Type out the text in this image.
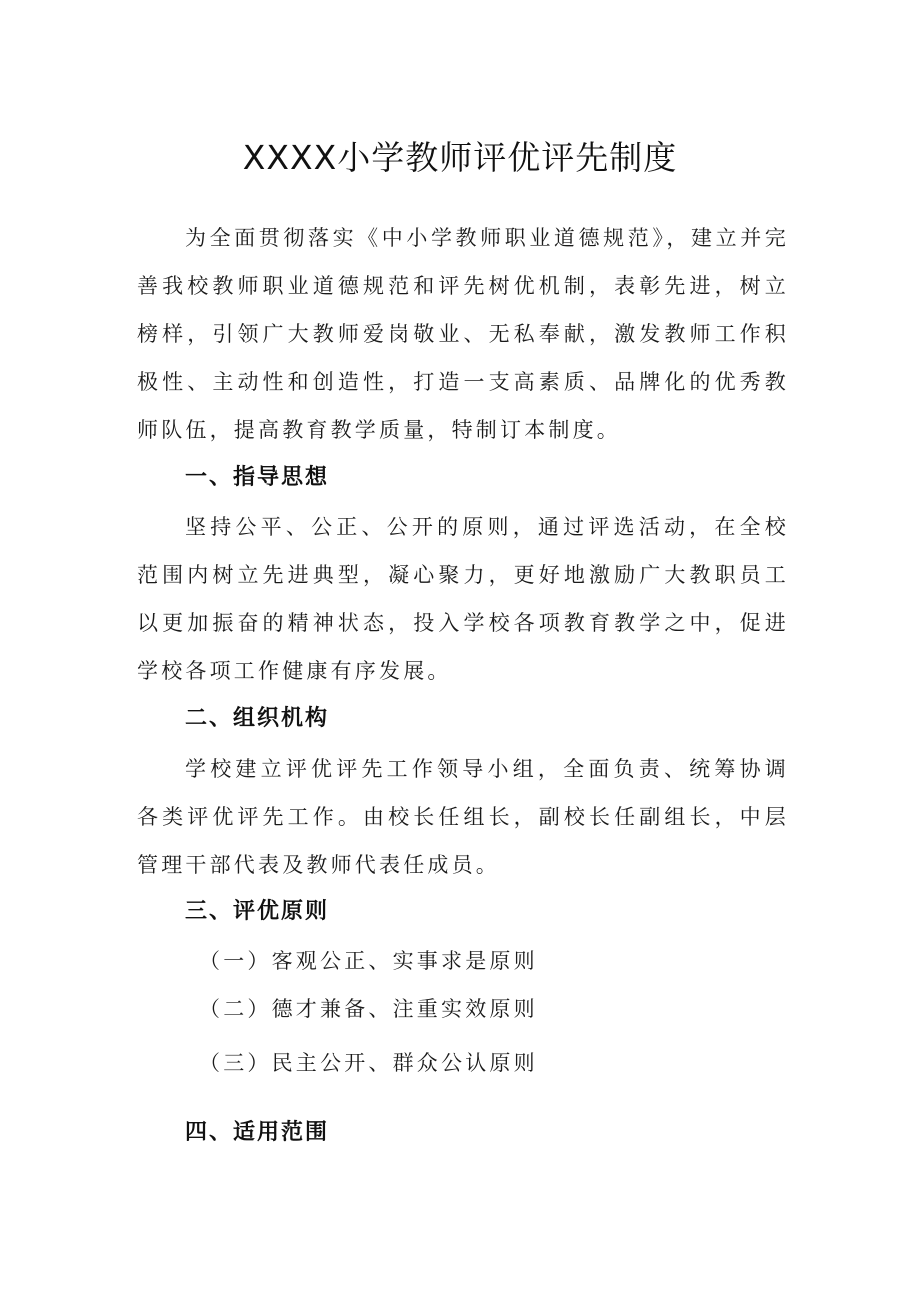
XXXX小学教师评优评先制度

为全面贯彻落实《中小学教师职业道德规范》，建立并完善我校教师职业道德规范和评先树优机制，表彰先进，树立榜样，引领广大教师爱岗敬业、无私奉献，激发教师工作积极性、主动性和创造性，打造一支高素质、品牌化的优秀教师队伍，提高教育教学质量，特制订本制度。

一、指导思想

坚持公平、公正、公开的原则，通过评选活动，在全校范围内树立先进典型，凝心聚力，更好地激励广大教职员工以更加振奋的精神状态，投入学校各项教育教学之中，促进学校各项工作健康有序发展。

二、组织机构

学校建立评优评先工作领导小组，全面负责、统筹协调各类评优评先工作。由校长任组长，副校长任副组长，中层管理干部代表及教师代表任成员。

三、评优原则

（一）客观公正、实事求是原则

（二）德才兼备、注重实效原则

（三）民主公开、群众公认原则

四、适用范围
